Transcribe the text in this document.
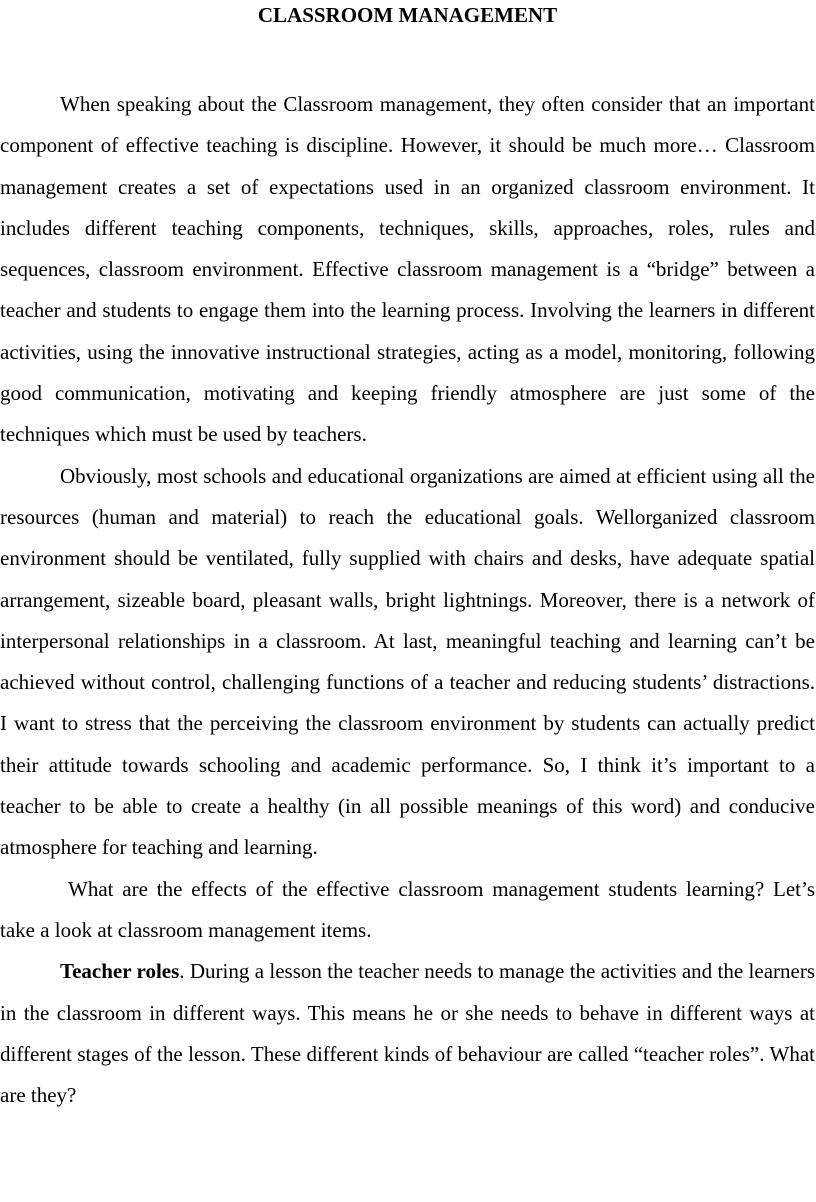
CLASSROOM MANAGEMENT

When speaking about the Classroom management, they often consider that an important component of effective teaching is discipline. However, it should be much more… Classroom management creates a set of expectations used in an organized classroom environment. It includes different teaching components, techniques, skills, approaches, roles, rules and sequences, classroom environment. Effective classroom management is a “bridge” between a teacher and students to engage them into the learning process. Involving the learners in different activities, using the innovative instructional strategies, acting as a model, monitoring, following good communication, motivating and keeping friendly atmosphere are just some of the techniques which must be used by teachers.

Obviously, most schools and educational organizations are aimed at efficient using all the resources (human and material) to reach the educational goals. Wellorganized classroom environment should be ventilated, fully supplied with chairs and desks, have adequate spatial arrangement, sizeable board, pleasant walls, bright lightnings. Moreover, there is a network of interpersonal relationships in a classroom. At last, meaningful teaching and learning can’t be achieved without control, challenging functions of a teacher and reducing students’ distractions. I want to stress that the perceiving the classroom environment by students can actually predict their attitude towards schooling and academic performance. So, I think it’s important to a teacher to be able to create a healthy (in all possible meanings of this word) and conducive atmosphere for teaching and learning.

What are the effects of the effective classroom management students learning? Let’s take a look at classroom management items.

Teacher roles. During a lesson the teacher needs to manage the activities and the learners in the classroom in different ways. This means he or she needs to behave in different ways at different stages of the lesson. These different kinds of behaviour are called “teacher roles”. What are they?
